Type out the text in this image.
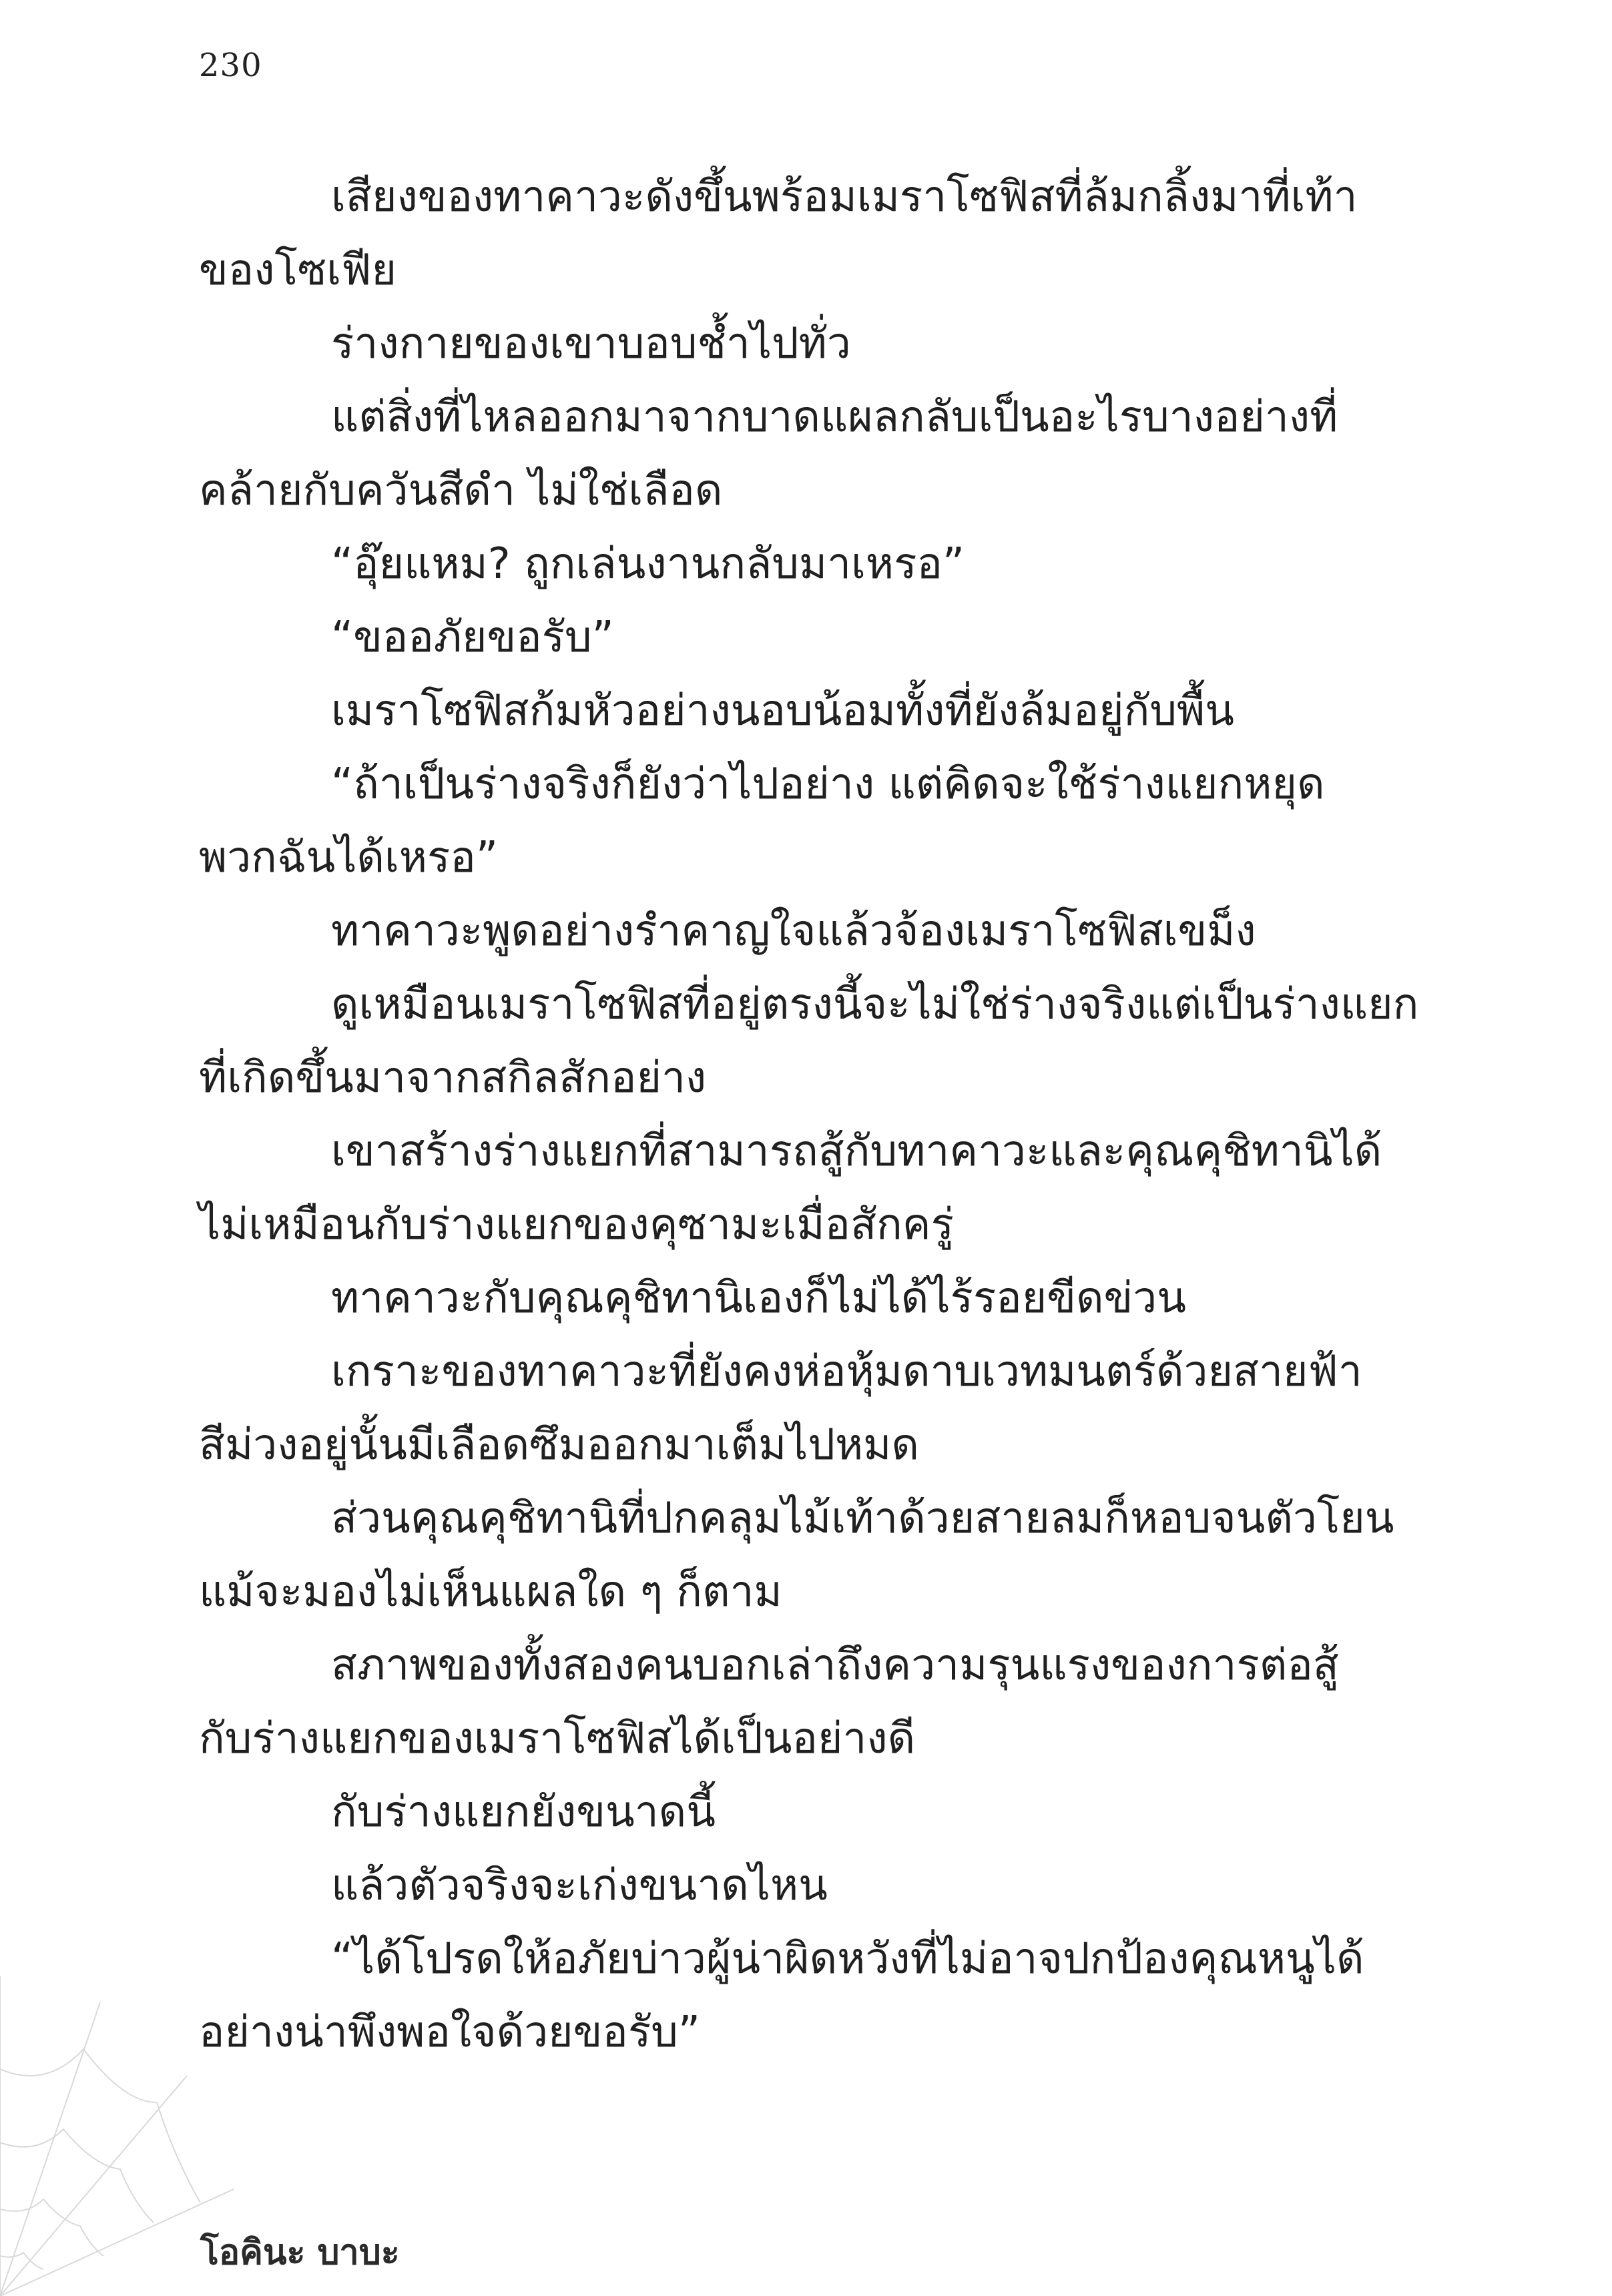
230
เสียงของทาคาวะดังขึ้นพร้อมเมราโซฟิสที่ล้มกลิ้งมาที่เท้า
ของโซเฟีย
ร่างกายของเขาบอบช้ำไปทั่ว
แต่สิ่งที่ไหลออกมาจากบาดแผลกลับเป็นอะไรบางอย่างที่
คล้ายกับควันสีดำ ไม่ใช่เลือด
“อุ๊ยแหม? ถูกเล่นงานกลับมาเหรอ”
“ขออภัยขอรับ”
เมราโซฟิสก้มหัวอย่างนอบน้อมทั้งที่ยังล้มอยู่กับพื้น
“ถ้าเป็นร่างจริงก็ยังว่าไปอย่าง แต่คิดจะใช้ร่างแยกหยุด
พวกฉันได้เหรอ”
ทาคาวะพูดอย่างรำคาญใจแล้วจ้องเมราโซฟิสเขม็ง
ดูเหมือนเมราโซฟิสที่อยู่ตรงนี้จะไม่ใช่ร่างจริงแต่เป็นร่างแยก
ที่เกิดขึ้นมาจากสกิลสักอย่าง
เขาสร้างร่างแยกที่สามารถสู้กับทาคาวะและคุณคุชิทานิได้
ไม่เหมือนกับร่างแยกของคุซามะเมื่อสักครู่
ทาคาวะกับคุณคุชิทานิเองก็ไม่ได้ไร้รอยขีดข่วน
เกราะของทาคาวะที่ยังคงห่อหุ้มดาบเวทมนตร์ด้วยสายฟ้า
สีม่วงอยู่นั้นมีเลือดซึมออกมาเต็มไปหมด
ส่วนคุณคุชิทานิที่ปกคลุมไม้เท้าด้วยสายลมก็หอบจนตัวโยน
แม้จะมองไม่เห็นแผลใด ๆ ก็ตาม
สภาพของทั้งสองคนบอกเล่าถึงความรุนแรงของการต่อสู้
กับร่างแยกของเมราโซฟิสได้เป็นอย่างดี
กับร่างแยกยังขนาดนี้
แล้วตัวจริงจะเก่งขนาดไหน
“ได้โปรดให้อภัยบ่าวผู้น่าผิดหวังที่ไม่อาจปกป้องคุณหนูได้
อย่างน่าพึงพอใจด้วยขอรับ”
โอคินะ บาบะ
